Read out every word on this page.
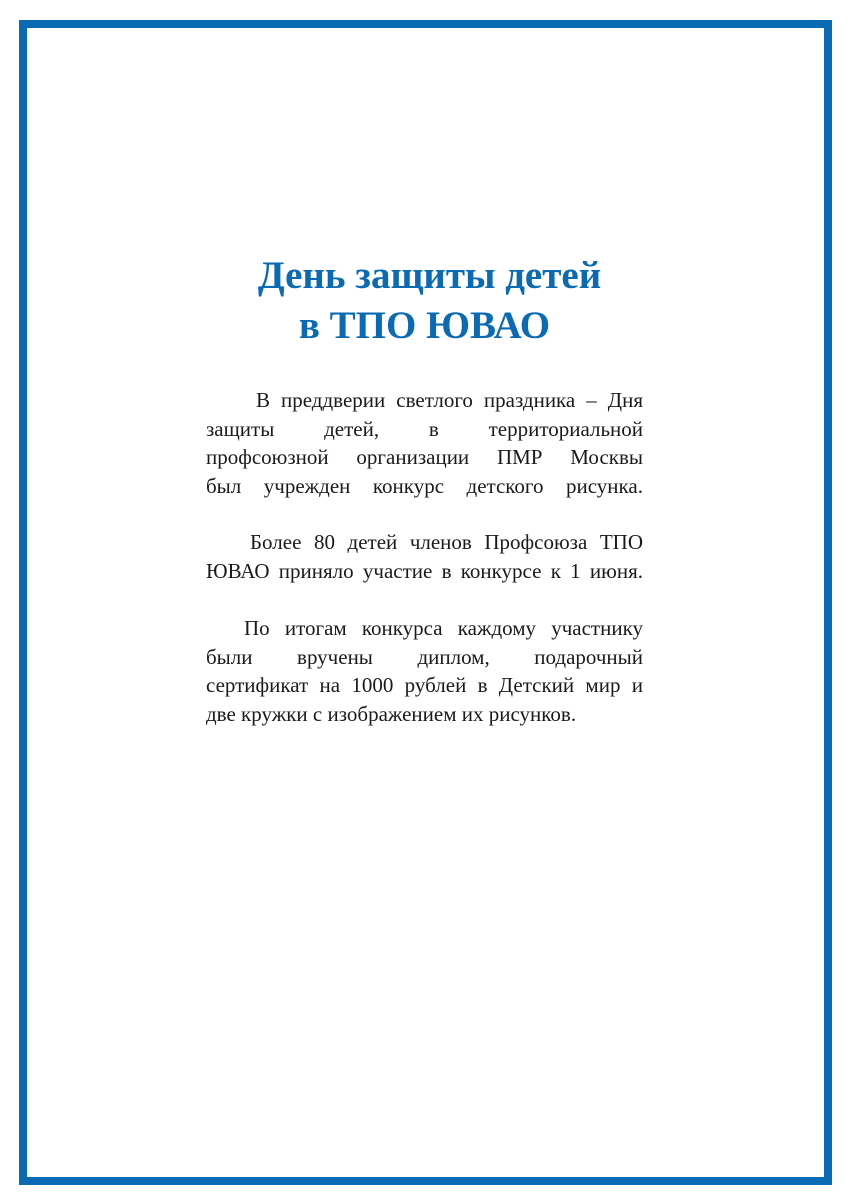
День защиты детей
в ТПО ЮВАО
В преддверии светлого праздника – Дня
защиты детей, в территориальной
профсоюзной организации ПМР Москвы
был учрежден конкурс детского рисунка.
Более 80 детей членов Профсоюза ТПО
ЮВАО приняло участие в конкурсе к 1 июня.
По итогам конкурса каждому участнику
были вручены диплом, подарочный
сертификат на 1000 рублей в Детский мир и
две кружки с изображением их рисунков.
